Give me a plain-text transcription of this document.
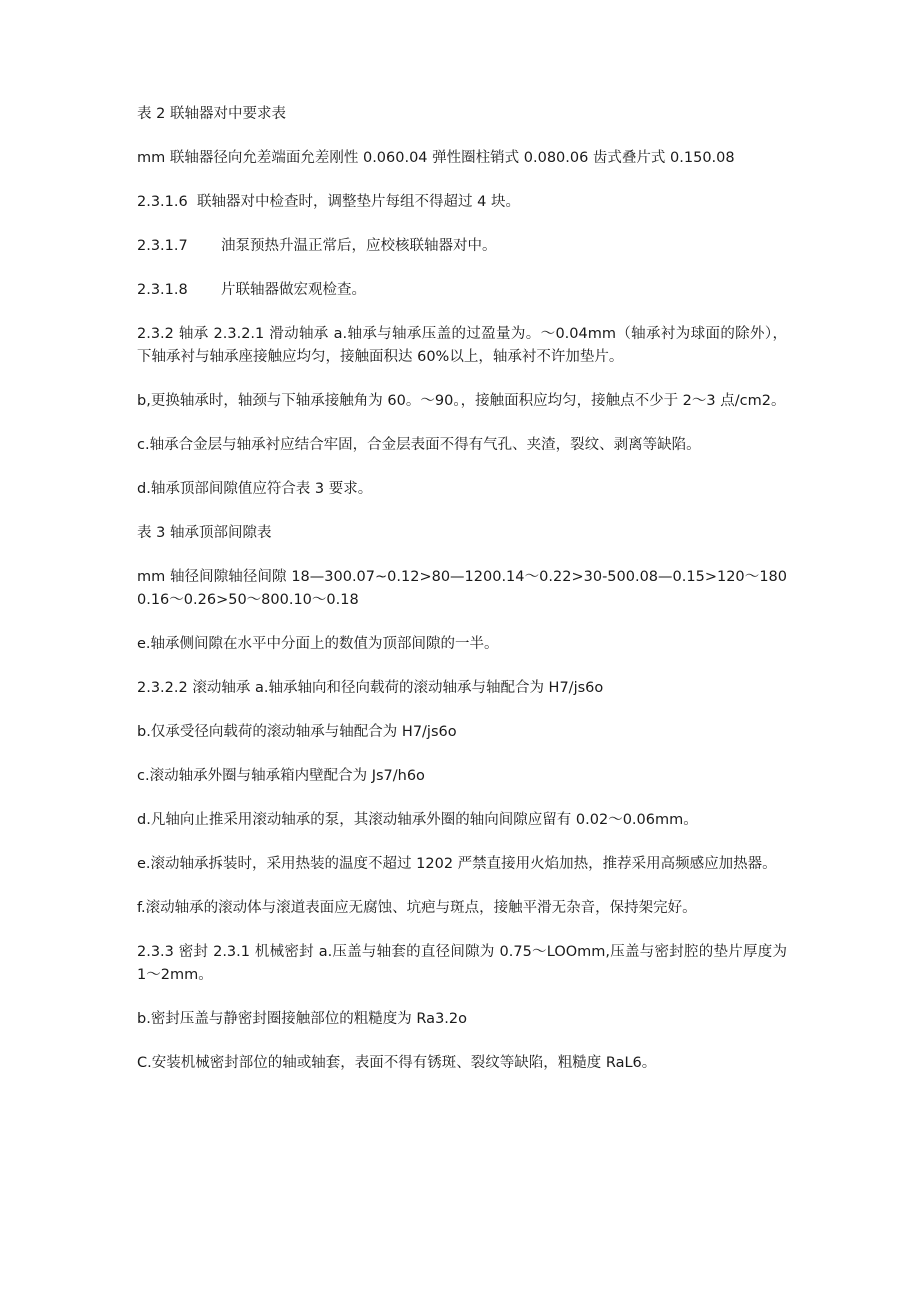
表 2 联轴器对中要求表

mm 联轴器径向允差端面允差刚性 0.060.04 弹性圈柱销式 0.080.06 齿式叠片式 0.150.08

2.3.1.6 联轴器对中检查时，调整垫片每组不得超过 4 块。

2.3.1.7 油泵预热升温正常后，应校核联轴器对中。

2.3.1.8 片联轴器做宏观检查。

2.3.2 轴承 2.3.2.1 滑动轴承 a.轴承与轴承压盖的过盈量为。～0.04mm（轴承衬为球面的除外），下轴承衬与轴承座接触应均匀，接触面积达 60%以上，轴承衬不许加垫片。

b,更换轴承时，轴颈与下轴承接触角为 60。～90。，接触面积应均匀，接触点不少于 2～3 点/cm2。

c.轴承合金层与轴承衬应结合牢固，合金层表面不得有气孔、夹渣，裂纹、剥离等缺陷。

d.轴承顶部间隙值应符合表 3 要求。

表 3 轴承顶部间隙表

mm 轴径间隙轴径间隙 18—300.07~0.12>80—1200.14～0.22>30-500.08—0.15>120～1800.16～0.26>50～800.10～0.18

e.轴承侧间隙在水平中分面上的数值为顶部间隙的一半。

2.3.2.2 滚动轴承 a.轴承轴向和径向载荷的滚动轴承与轴配合为 H7∕js6o

b.仅承受径向载荷的滚动轴承与轴配合为 H7∕js6o

c.滚动轴承外圈与轴承箱内壁配合为 Js7∕h6o

d.凡轴向止推采用滚动轴承的泵，其滚动轴承外圈的轴向间隙应留有 0.02～0.06mm。

e.滚动轴承拆装时，采用热装的温度不超过 1202 严禁直接用火焰加热，推荐采用高频感应加热器。

f.滚动轴承的滚动体与滚道表面应无腐蚀、坑疤与斑点，接触平滑无杂音，保持架完好。

2.3.3 密封 2.3.1 机械密封 a.压盖与轴套的直径间隙为 0.75～LOOmm,压盖与密封腔的垫片厚度为 1～2mm。

b.密封压盖与静密封圈接触部位的粗糙度为 Ra3.2o

C.安装机械密封部位的轴或轴套，表面不得有锈斑、裂纹等缺陷，粗糙度 RaL6。
